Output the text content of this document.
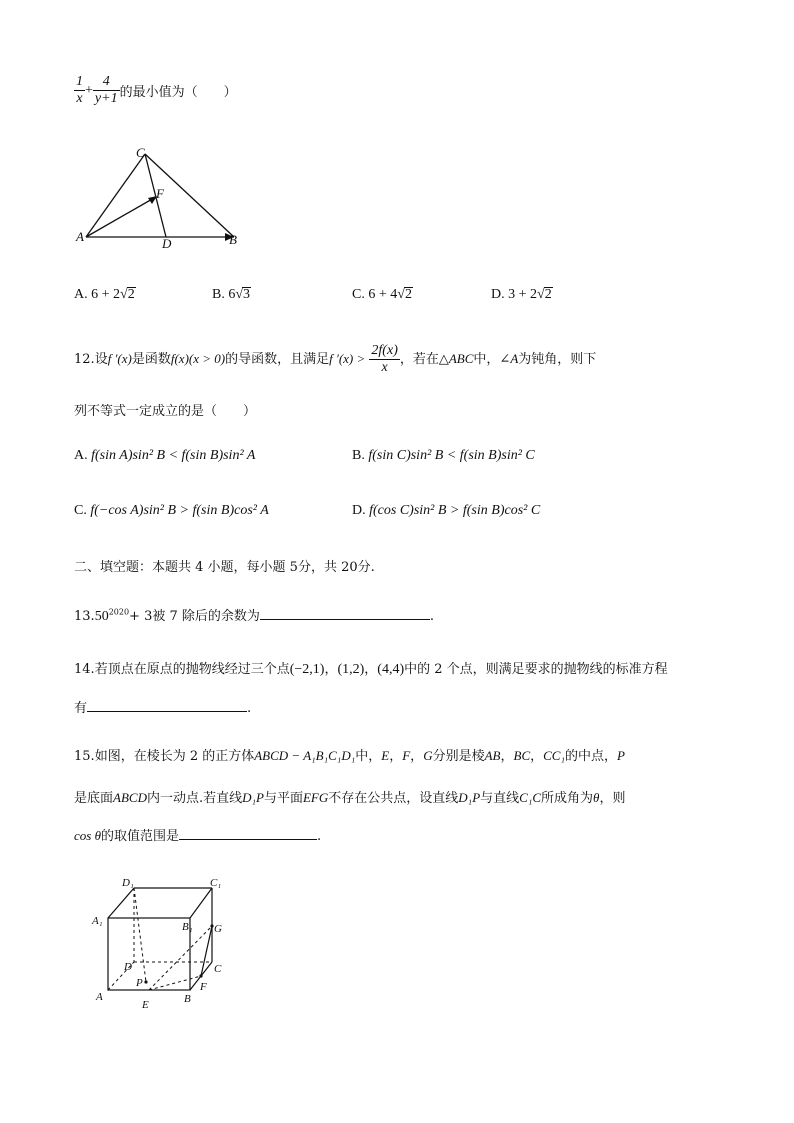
$\frac{1}{x} + \frac{4}{y+1}$ 的最小值为（　　）
C
F
A	D	B
A. 6 + 2√2	B. 6√3	C. 6 + 4√2	D. 3 + 2√2
12.设f ′(x)是函数f(x)(x > 0)的导函数，且满足f $'(x) > \frac{2f(x)}{x}$ ，若在△ABC中，∠A为钝角，则下
列不等式一定成立的是（　　）
A. f(sin A)sin² B < f(sin B)sin² A	B. f(sin C)sin² B < f(sin B)sin² C
C. f(−cos A)sin² B > f(sin B)cos² A	D. f(cos C)sin² B > f(sin B)cos² C
二、填空题：本题共 4 小题，每小题 5分，共 20分.
$13.50^{2020}+ 3$被 7 除后的余数为	.
14.若顶点在原点的抛物线经过三个点(−2,1)，(1,2)，(4,4)中的 2 个点，则满足要求的抛物线的标准方程
有	.
15.如图，在棱长为 2 的正方体ABCD − A₁B₁C₁D₁中，E，F，G分别是棱AB，BC，CC₁的中点，P
是底面ABCD内一动点.若直线D₁P与平面EFG不存在公共点，设直线D₁P与直线C₁C所成角为θ，则
cos θ的取值范围是	.
D₁	C₁
A₁	B₁ G
D	C
P	F
A
E	B
